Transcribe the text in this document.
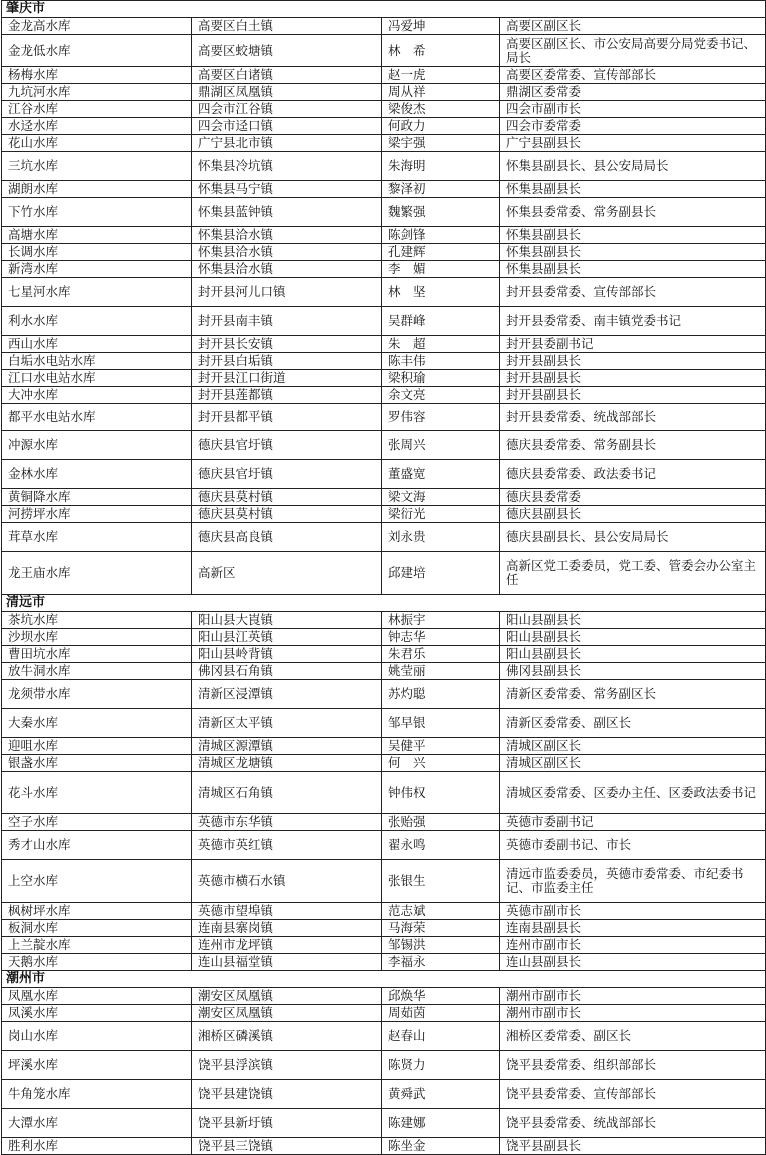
肇庆市			
金龙高水库	高要区白土镇	冯爱坤	高要区副区长
金龙低水库	高要区蛟塘镇	林　希	高要区副区长、市公安局高要分局党委书记、局长
杨梅水库	高要区白诸镇	赵一虎	高要区委常委、宣传部部长
九坑河水库	鼎湖区凤凰镇	周从祥	鼎湖区委常委
江谷水库	四会市江谷镇	梁俊杰	四会市副市长
水迳水库	四会市迳口镇	何政力	四会市委常委
花山水库	广宁县北市镇	梁宇强	广宁县副县长
三坑水库	怀集县冷坑镇	朱海明	怀集县副县长、县公安局局长
湖朗水库	怀集县马宁镇	黎泽初	怀集县副县长
下竹水库	怀集县蓝钟镇	魏繁强	怀集县委常委、常务副县长
高塘水库	怀集县洽水镇	陈剑锋	怀集县副县长
长调水库	怀集县洽水镇	孔建辉	怀集县副县长
新湾水库	怀集县洽水镇	李　媚	怀集县副县长
七星河水库	封开县河儿口镇	林　坚	封开县委常委、宣传部部长
利水水库	封开县南丰镇	吴群峰	封开县委常委、南丰镇党委书记
西山水库	封开县长安镇	朱　超	封开县委副书记
白垢水电站水库	封开县白垢镇	陈丰伟	封开县副县长
江口水电站水库	封开县江口街道	梁积瑜	封开县副县长
大冲水库	封开县莲都镇	余文亮	封开县副县长
都平水电站水库	封开县都平镇	罗伟容	封开县委常委、统战部部长
冲源水库	德庆县官圩镇	张周兴	德庆县委常委、常务副县长
金林水库	德庆县官圩镇	董盛宽	德庆县委常委、政法委书记
黄铜降水库	德庆县莫村镇	梁文海	德庆县委常委
河捞坪水库	德庆县莫村镇	梁衍光	德庆县副县长
茸草水库	德庆县高良镇	刘永贵	德庆县副县长、县公安局局长
龙王庙水库	高新区	邱建培	高新区党工委委员，党工委、管委会办公室主任
清远市			
茶坑水库	阳山县大崀镇	林振宇	阳山县副县长
沙坝水库	阳山县江英镇	钟志华	阳山县副县长
曹田坑水库	阳山县岭背镇	朱君乐	阳山县副县长
放牛洞水库	佛冈县石角镇	姚莹丽	佛冈县副县长
龙须带水库	清新区浸潭镇	苏灼聪	清新区委常委、常务副区长
大秦水库	清新区太平镇	邹早银	清新区委常委、副区长
迎咀水库	清城区源潭镇	吴健平	清城区副区长
银盏水库	清城区龙塘镇	何　兴	清城区副区长
花斗水库	清城区石角镇	钟伟权	清城区委常委、区委办主任、区委政法委书记
空子水库	英德市东华镇	张贻强	英德市委副书记
秀才山水库	英德市英红镇	翟永鸣	英德市委副书记、市长
上空水库	英德市横石水镇	张银生	清远市监委委员，英德市委常委、市纪委书记、市监委主任
枫树坪水库	英德市望埠镇	范志斌	英德市副市长
板洞水库	连南县寨岗镇	马海荣	连南县副县长
上兰靛水库	连州市龙坪镇	邹锡洪	连州市副市长
天鹅水库	连山县福堂镇	李福永	连山县副县长
潮州市			
凤凰水库	潮安区凤凰镇	邱焕华	潮州市副市长
凤溪水库	潮安区凤凰镇	周茹茵	潮州市副市长
岗山水库	湘桥区磷溪镇	赵春山	湘桥区委常委、副区长
坪溪水库	饶平县浮滨镇	陈贤力	饶平县委常委、组织部部长
牛角笼水库	饶平县建饶镇	黄舜武	饶平县委常委、宣传部部长
大潭水库	饶平县新圩镇	陈建娜	饶平县委常委、统战部部长
胜利水库	饶平县三饶镇	陈坐金	饶平县副县长
